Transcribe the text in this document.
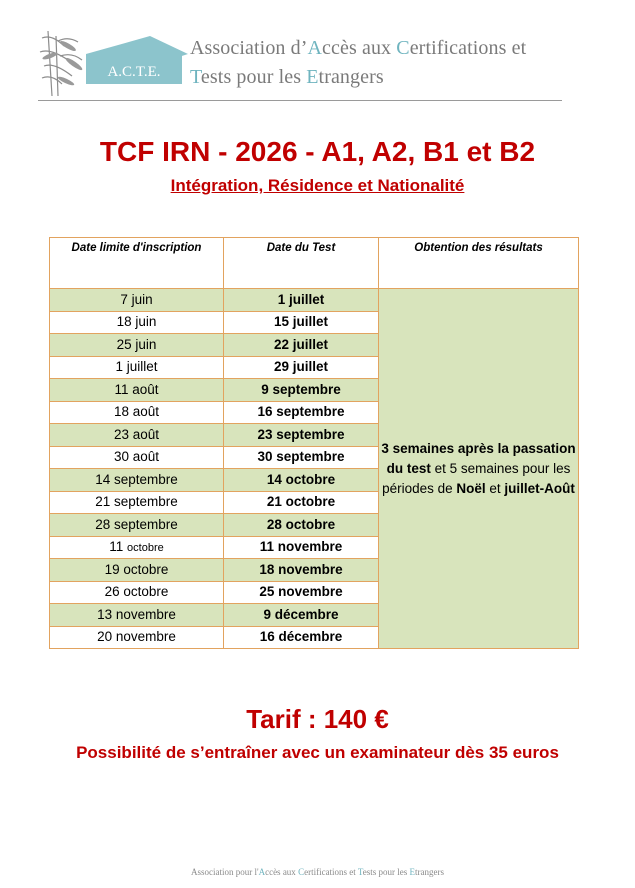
A.C.T.E.
Association d’Accès aux Certifications et
Tests pour les Etrangers
TCF IRN - 2026 - A1, A2, B1 et B2
Intégration, Résidence et Nationalité
Date limite d'inscription	Date du Test	Obtention des résultats
7 juin	1 juillet	3 semaines après la passation du test et 5 semaines pour les périodes de Noël et juillet-Août
18 juin	15 juillet	
25 juin	22 juillet	
1 juillet	29 juillet	
11 août	9 septembre	
18 août	16 septembre	
23 août	23 septembre	
30 août	30 septembre	
14 septembre	14 octobre	
21 septembre	21 octobre	
28 septembre	28 octobre	
11 octobre	11 novembre	
19 octobre	18 novembre	
26 octobre	25 novembre	
13 novembre	9 décembre	
20 novembre	16 décembre	
Tarif : 140 €
Possibilité de s’entraîner avec un examinateur dès 35 euros
Association pour l'Accès aux Certifications et Tests pour les Etrangers
